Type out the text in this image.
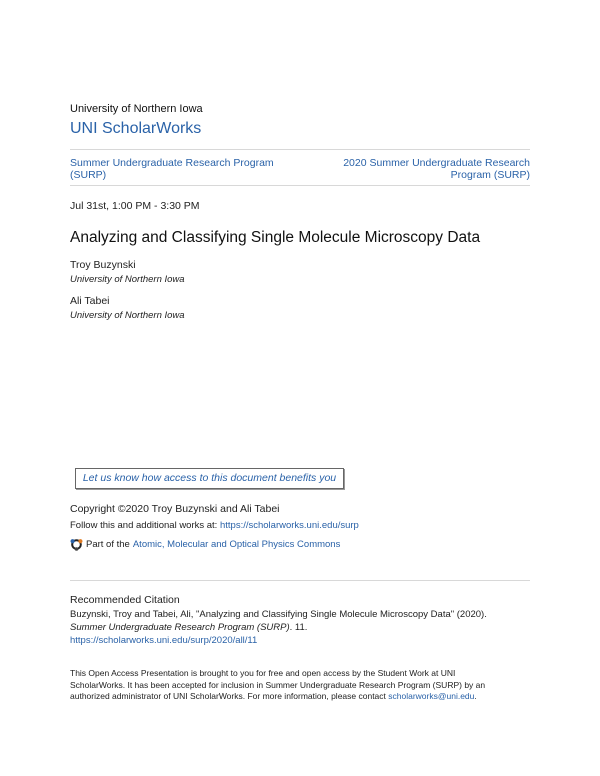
University of Northern Iowa
UNI ScholarWorks
Summer Undergraduate Research Program
(SURP)
2020 Summer Undergraduate Research
Program (SURP)
Jul 31st, 1:00 PM - 3:30 PM
Analyzing and Classifying Single Molecule Microscopy Data
Troy Buzynski
University of Northern Iowa
Ali Tabei
University of Northern Iowa
Let us know how access to this document benefits you
Copyright ©2020 Troy Buzynski and Ali Tabei
Follow this and additional works at: https://scholarworks.uni.edu/surp
Part of the Atomic, Molecular and Optical Physics Commons
Recommended Citation
Buzynski, Troy and Tabei, Ali, "Analyzing and Classifying Single Molecule Microscopy Data" (2020).
Summer Undergraduate Research Program (SURP). 11.
https://scholarworks.uni.edu/surp/2020/all/11
This Open Access Presentation is brought to you for free and open access by the Student Work at UNI
ScholarWorks. It has been accepted for inclusion in Summer Undergraduate Research Program (SURP) by an
authorized administrator of UNI ScholarWorks. For more information, please contact scholarworks@uni.edu.
